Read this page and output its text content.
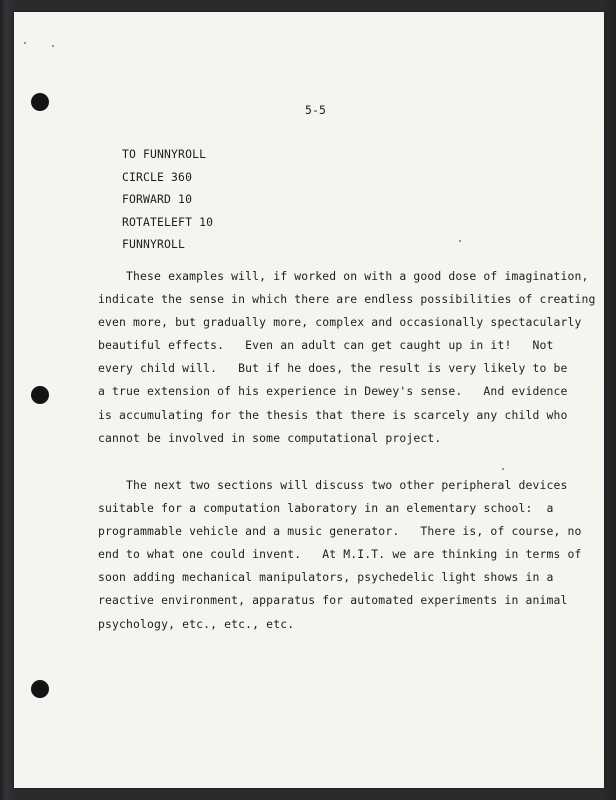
5-5
TO FUNNYROLL
CIRCLE 360
FORWARD 10
ROTATELEFT 10
FUNNYROLL
These examples will, if worked on with a good dose of imagination,
indicate the sense in which there are endless possibilities of creating
even more, but gradually more, complex and occasionally spectacularly
beautiful effects.   Even an adult can get caught up in it!   Not
every child will.   But if he does, the result is very likely to be
a true extension of his experience in Dewey's sense.   And evidence
is accumulating for the thesis that there is scarcely any child who
cannot be involved in some computational project.
The next two sections will discuss two other peripheral devices
suitable for a computation laboratory in an elementary school:  a
programmable vehicle and a music generator.   There is, of course, no
end to what one could invent.   At M.I.T. we are thinking in terms of
soon adding mechanical manipulators, psychedelic light shows in a
reactive environment, apparatus for automated experiments in animal
psychology, etc., etc., etc.
